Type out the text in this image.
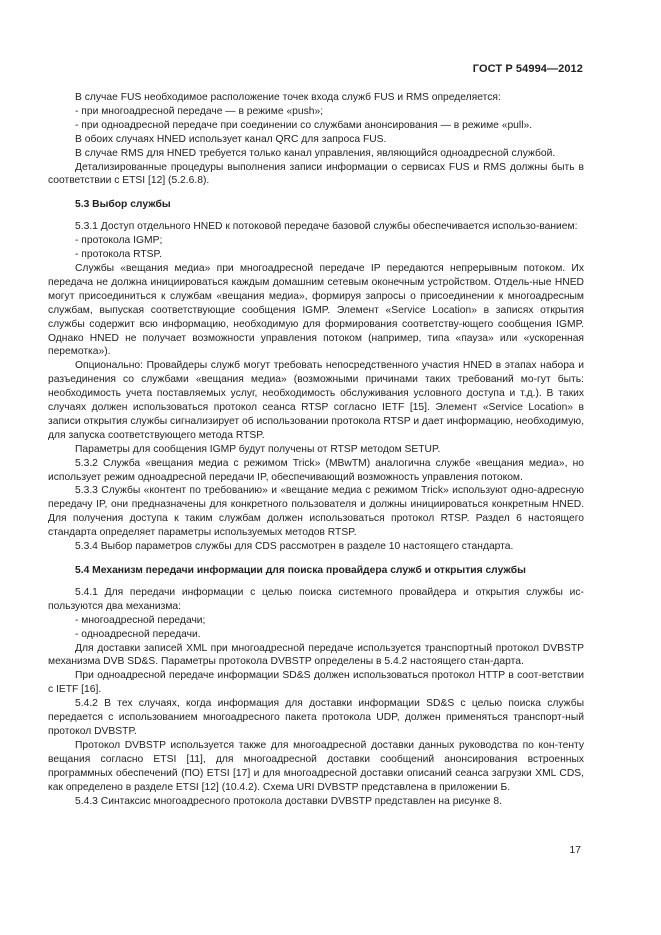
ГОСТ Р 54994—2012

В случае FUS необходимое расположение точек входа служб FUS и RMS определяется:

- при многоадресной передаче — в режиме «push»;

- при одноадресной передаче при соединении со службами анонсирования — в режиме «pull».

В обоих случаях HNED использует канал QRC для запроса FUS.

В случае RMS для HNED требуется только канал управления, являющийся одноадресной службой.

Детализированные процедуры выполнения записи информации о сервисах FUS и RMS должны быть в соответствии с ETSI [12] (5.2.6.8).

5.3 Выбор службы

5.3.1 Доступ отдельного HNED к потоковой передаче базовой службы обеспечивается использо-ванием:

- протокола IGMP;

- протокола RTSP.

Службы «вещания медиа» при многоадресной передаче IP передаются непрерывным потоком. Их передача не должна инициироваться каждым домашним сетевым оконечным устройством. Отдель-ные HNED могут присоединиться к службам «вещания медиа», формируя запросы о присоединении к многоадресным службам, выпуская соответствующие сообщения IGMP. Элемент «Service Location» в записях открытия службы содержит всю информацию, необходимую для формирования соответству-ющего сообщения IGMP. Однако HNED не получает возможности управления потоком (например, типа «пауза» или «ускоренная перемотка»).

Опционально: Провайдеры служб могут требовать непосредственного участия HNED в этапах набора и разъединения со службами «вещания медиа» (возможными причинами таких требований мо-гут быть: необходимость учета поставляемых услуг, необходимость обслуживания условного доступа и т.д.). В таких случаях должен использоваться протокол сеанса RTSP согласно IETF [15]. Элемент «Service Location» в записи открытия службы сигнализирует об использовании протокола RTSP и дает информацию, необходимую, для запуска соответствующего метода RTSP.

Параметры для сообщения IGMP будут получены от RTSP методом SETUP.

5.3.2 Служба «вещания медиа с режимом Trick» (MBwTM) аналогична службе «вещания медиа», но использует режим одноадресной передачи IP, обеспечивающий возможность управления потоком.

5.3.3 Службы «контент по требованию» и «вещание медиа с режимом Trick» используют одно-адресную передачу IP, они предназначены для конкретного пользователя и должны инициироваться конкретным HNED. Для получения доступа к таким службам должен использоваться протокол RTSP. Раздел 6 настоящего стандарта определяет параметры используемых методов RTSP.

5.3.4 Выбор параметров службы для CDS рассмотрен в разделе 10 настоящего стандарта.

5.4 Механизм передачи информации для поиска провайдера служб и открытия службы

5.4.1 Для передачи информации с целью поиска системного провайдера и открытия службы ис-пользуются два механизма:

- многоадресной передачи;

- одноадресной передачи.

Для доставки записей XML при многоадресной передаче используется транспортный протокол DVBSTP механизма DVB SD&S. Параметры протокола DVBSTP определены в 5.4.2 настоящего стан-дарта.

При одноадресной передаче информации SD&S должен использоваться протокол HTTP в соот-ветствии с IETF [16].

5.4.2 В тех случаях, когда информация для доставки информации SD&S с целью поиска службы передается с использованием многоадресного пакета протокола UDP, должен применяться транспорт-ный протокол DVBSTP.

Протокол DVBSTP используется также для многоадресной доставки данных руководства по кон-тенту вещания согласно ETSI [11], для многоадресной доставки сообщений анонсирования встроенных программных обеспечений (ПО) ETSI [17] и для многоадресной доставки описаний сеанса загрузки XML CDS, как определено в разделе ETSI [12] (10.4.2). Схема URI DVBSTP представлена в приложении Б.

5.4.3 Синтаксис многоадресного протокола доставки DVBSTP представлен на рисунке 8.

17
